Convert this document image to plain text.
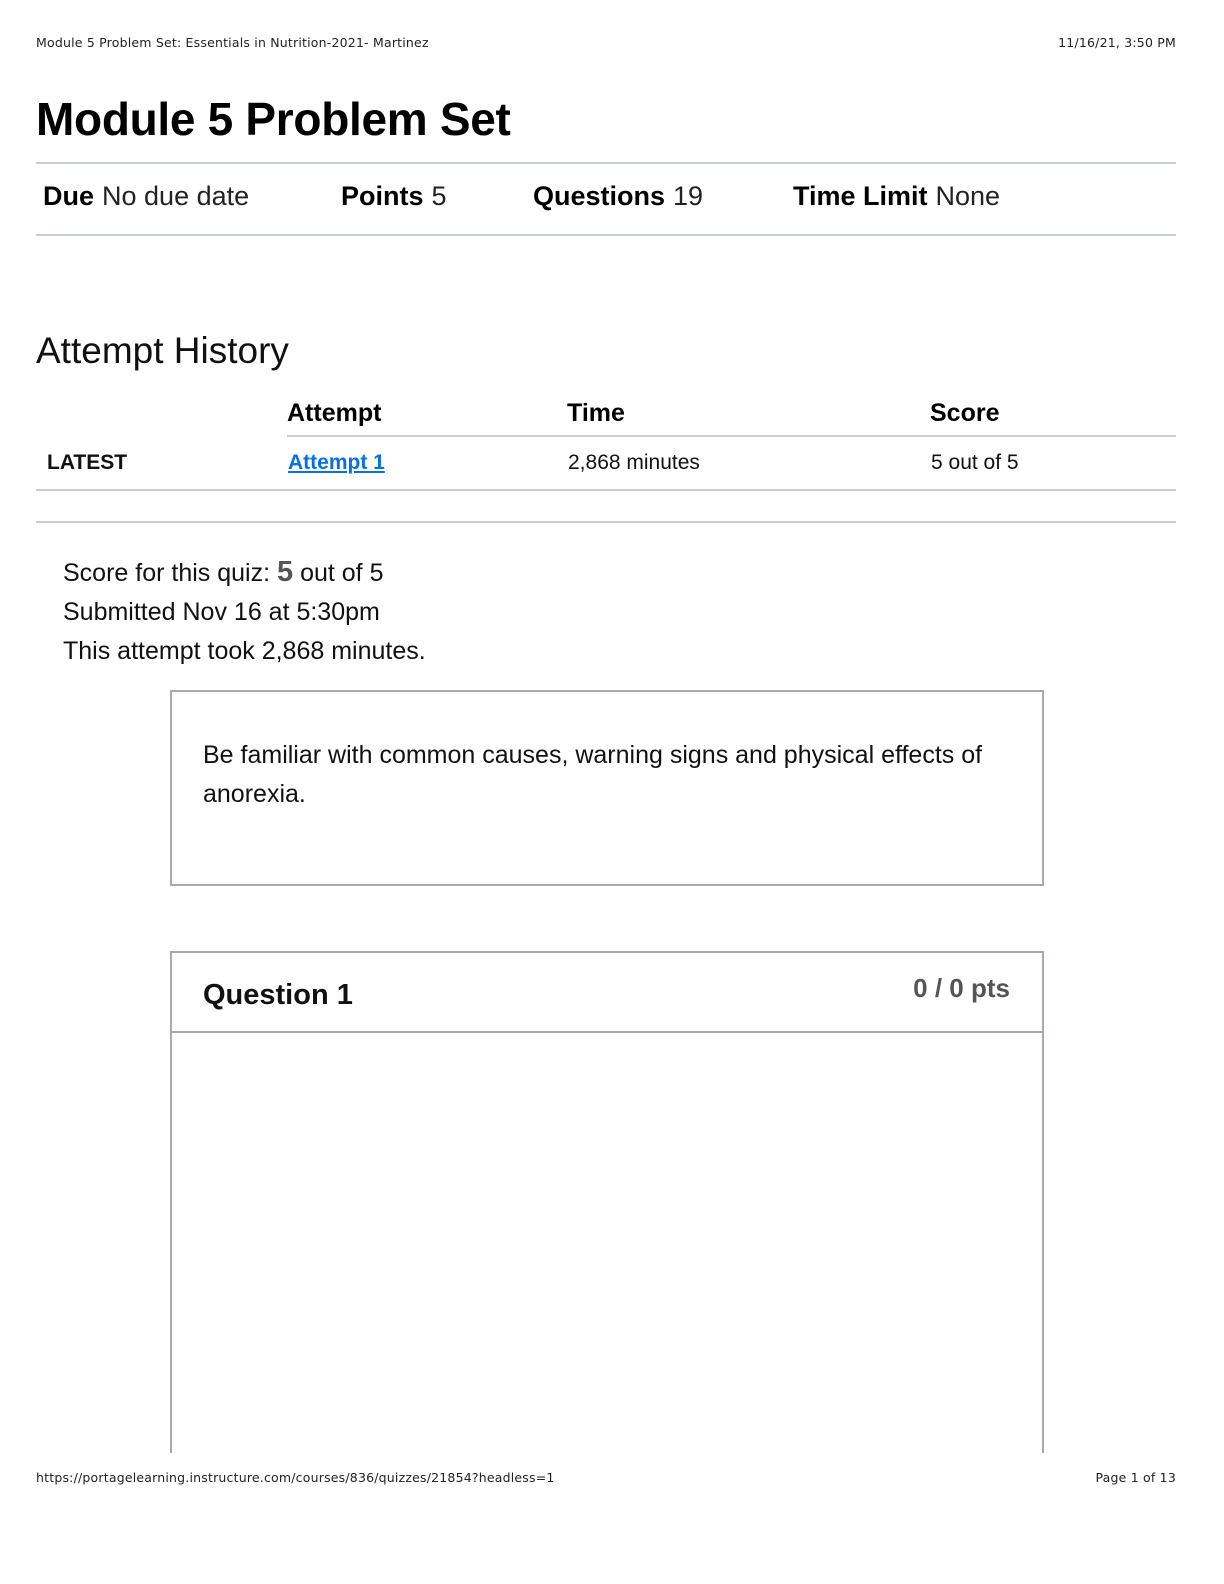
Module 5 Problem Set: Essentials in Nutrition-2021- Martinez	11/16/21, 3:50 PM
Module 5 Problem Set
Due No due date	Points 5	Questions 19	Time Limit None
Attempt History
	Attempt	Time	Score
LATEST	Attempt 1	2,868 minutes	5 out of 5
Score for this quiz: 5 out of 5
Submitted Nov 16 at 5:30pm
This attempt took 2,868 minutes.
Be familiar with common causes, warning signs and physical effects of anorexia.
Question 1	0 / 0 pts
https://portagelearning.instructure.com/courses/836/quizzes/21854?headless=1	Page 1 of 13
